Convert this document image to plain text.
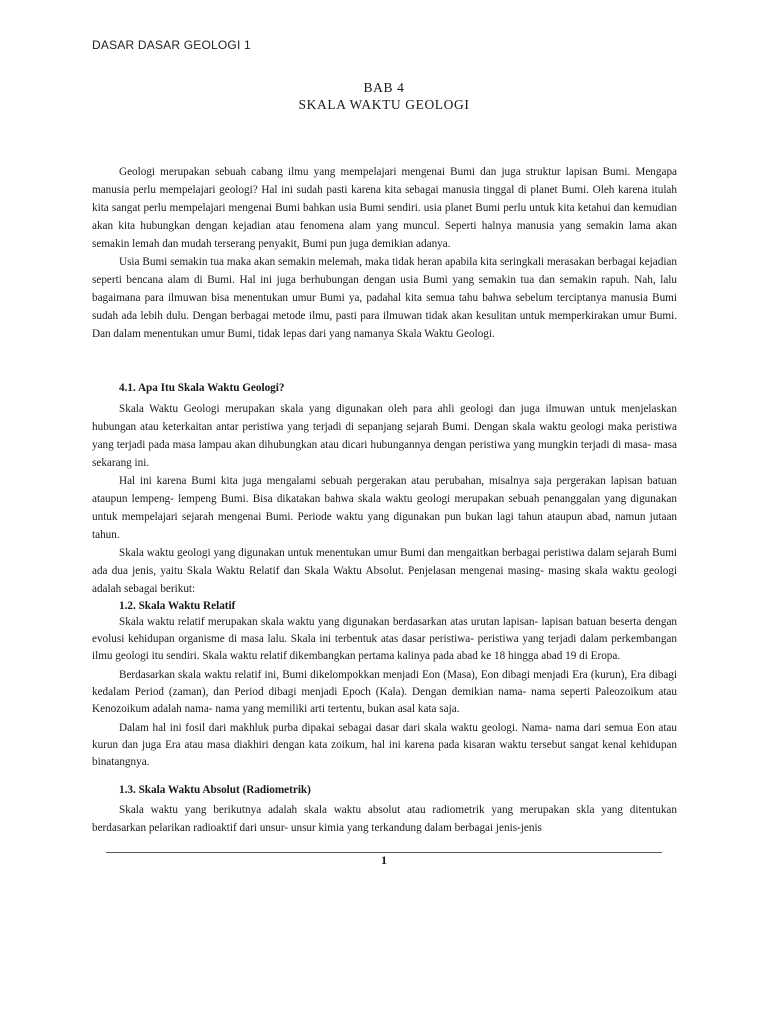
DASAR DASAR GEOLOGI 1
BAB 4
SKALA WAKTU GEOLOGI

Geologi merupakan sebuah cabang ilmu yang mempelajari mengenai Bumi dan juga struktur lapisan Bumi. Mengapa manusia perlu mempelajari geologi? Hal ini sudah pasti karena kita sebagai manusia tinggal di planet Bumi. Oleh karena itulah kita sangat perlu mempelajari mengenai Bumi bahkan usia Bumi sendiri. usia planet Bumi perlu untuk kita ketahui dan kemudian akan kita hubungkan dengan kejadian atau fenomena alam yang muncul. Seperti halnya manusia yang semakin lama akan semakin lemah dan mudah terserang penyakit, Bumi pun juga demikian adanya.

Usia Bumi semakin tua maka akan semakin melemah, maka tidak heran apabila kita seringkali merasakan berbagai kejadian seperti bencana alam di Bumi. Hal ini juga berhubungan dengan usia Bumi yang semakin tua dan semakin rapuh. Nah, lalu bagaimana para ilmuwan bisa menentukan umur Bumi ya, padahal kita semua tahu bahwa sebelum terciptanya manusia Bumi sudah ada lebih dulu. Dengan berbagai metode ilmu, pasti para ilmuwan tidak akan kesulitan untuk memperkirakan umur Bumi. Dan dalam menentukan umur Bumi, tidak lepas dari yang namanya Skala Waktu Geologi.

4.1. Apa Itu Skala Waktu Geologi?

Skala Waktu Geologi merupakan skala yang digunakan oleh para ahli geologi dan juga ilmuwan untuk menjelaskan hubungan atau keterkaitan antar peristiwa yang terjadi di sepanjang sejarah Bumi. Dengan skala waktu geologi maka peristiwa yang terjadi pada masa lampau akan dihubungkan atau dicari hubungannya dengan peristiwa yang mungkin terjadi di masa- masa sekarang ini.

Hal ini karena Bumi kita juga mengalami sebuah pergerakan atau perubahan, misalnya saja pergerakan lapisan batuan ataupun lempeng- lempeng Bumi. Bisa dikatakan bahwa skala waktu geologi merupakan sebuah penanggalan yang digunakan untuk mempelajari sejarah mengenai Bumi. Periode waktu yang digunakan pun bukan lagi tahun ataupun abad, namun jutaan tahun.

Skala waktu geologi yang digunakan untuk menentukan umur Bumi dan mengaitkan berbagai peristiwa dalam sejarah Bumi ada dua jenis, yaitu Skala Waktu Relatif dan Skala Waktu Absolut. Penjelasan mengenai masing- masing skala waktu geologi adalah sebagai berikut:

1.2. Skala Waktu Relatif

Skala waktu relatif merupakan skala waktu yang digunakan berdasarkan atas urutan lapisan- lapisan batuan beserta dengan evolusi kehidupan organisme di masa lalu. Skala ini terbentuk atas dasar peristiwa- peristiwa yang terjadi dalam perkembangan ilmu geologi itu sendiri. Skala waktu relatif dikembangkan pertama kalinya pada abad ke 18 hingga abad 19 di Eropa.

Berdasarkan skala waktu relatif ini, Bumi dikelompokkan menjadi Eon (Masa), Eon dibagi menjadi Era (kurun), Era dibagi kedalam Period (zaman), dan Period dibagi menjadi Epoch (Kala). Dengan demikian nama- nama seperti Paleozoikum atau Kenozoikum adalah nama- nama yang memiliki arti tertentu, bukan asal kata saja.

Dalam hal ini fosil dari makhluk purba dipakai sebagai dasar dari skala waktu geologi. Nama- nama dari semua Eon atau kurun dan juga Era atau masa diakhiri dengan kata zoikum, hal ini karena pada kisaran waktu tersebut sangat kenal kehidupan binatangnya.

1.3. Skala Waktu Absolut (Radiometrik)

Skala waktu yang berikutnya adalah skala waktu absolut atau radiometrik yang merupakan skla yang ditentukan berdasarkan pelarikan radioaktif dari unsur- unsur kimia yang terkandung dalam berbagai jenis-jenis

1
